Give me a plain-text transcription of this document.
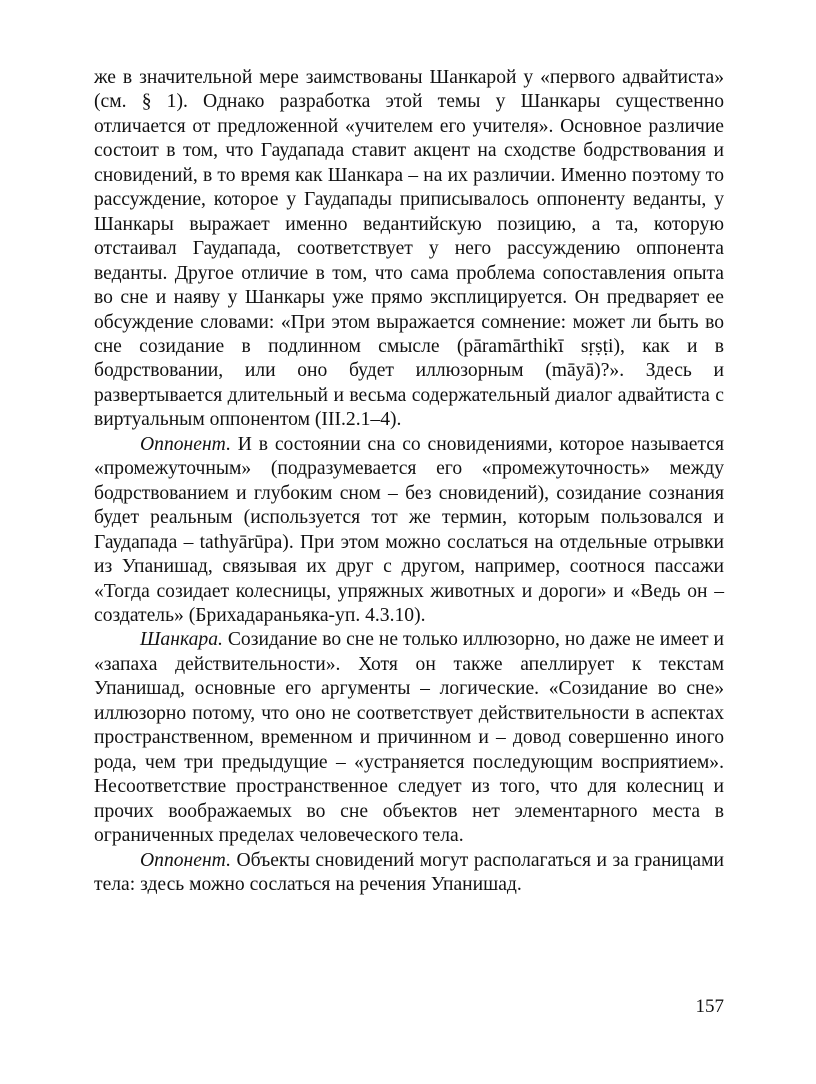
же в значительной мере заимствованы Шанкарой у «первого адвайтиста» (см. § 1). Однако разработка этой темы у Шанкары существенно отличается от предложенной «учителем его учителя». Основное различие состоит в том, что Гаудапада ставит акцент на сходстве бодрствования и сновидений, в то время как Шанкара – на их различии. Именно поэтому то рассуждение, которое у Гаудапады приписывалось оппоненту веданты, у Шанкары выражает именно ведантийскую позицию, а та, которую отстаивал Гаудапада, соответствует у него рассуждению оппонента веданты. Другое отличие в том, что сама проблема сопоставления опыта во сне и наяву у Шанкары уже прямо эксплицируется. Он предваряет ее обсуждение словами: «При этом выражается сомнение: может ли быть во сне созидание в подлинном смысле (pāramārthikī sṛṣṭi), как и в бодрствовании, или оно будет иллюзорным (māyā)?». Здесь и развертывается длительный и весьма содержательный диалог адвайтиста с виртуальным оппонентом (III.2.1–4).

Оппонент. И в состоянии сна со сновидениями, которое называется «промежуточным» (подразумевается его «промежуточность» между бодрствованием и глубоким сном – без сновидений), созидание сознания будет реальным (используется тот же термин, которым пользовался и Гаудапада – tathyārūpa). При этом можно сослаться на отдельные отрывки из Упанишад, связывая их друг с другом, например, соотнося пассажи «Тогда созидает колесницы, упряжных животных и дороги» и «Ведь он – создатель» (Брихадараньяка-уп. 4.3.10).

Шанкара. Созидание во сне не только иллюзорно, но даже не имеет и «запаха действительности». Хотя он также апеллирует к текстам Упанишад, основные его аргументы – логические. «Созидание во сне» иллюзорно потому, что оно не соответствует действительности в аспектах пространственном, временном и причинном и – довод совершенно иного рода, чем три предыдущие – «устраняется последующим восприятием». Несоответствие пространственное следует из того, что для колесниц и прочих воображаемых во сне объектов нет элементарного места в ограниченных пределах человеческого тела.

Оппонент. Объекты сновидений могут располагаться и за границами тела: здесь можно сослаться на речения Упанишад.

157
